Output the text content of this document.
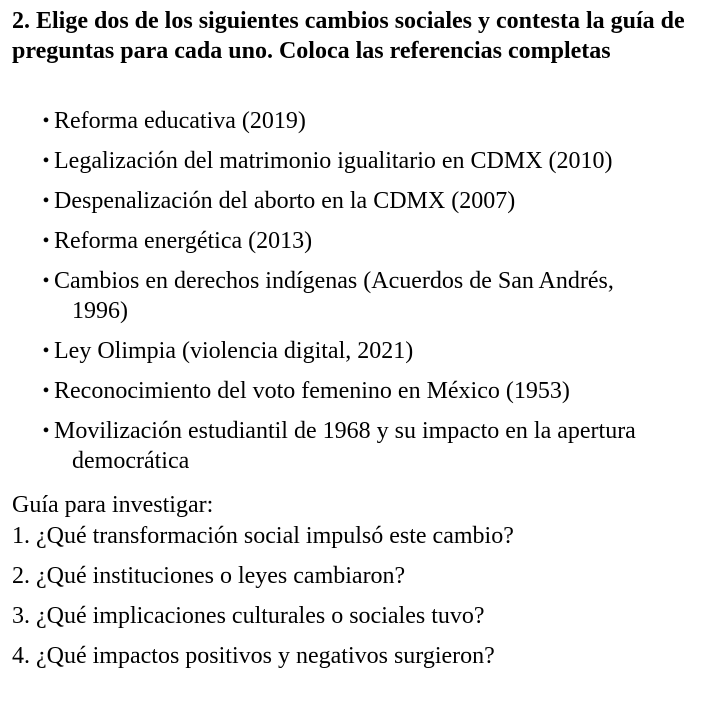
2. Elige dos de los siguientes cambios sociales y contesta la guía de preguntas para cada uno. Coloca las referencias completas

• Reforma educativa (2019)
• Legalización del matrimonio igualitario en CDMX (2010)
• Despenalización del aborto en la CDMX (2007)
• Reforma energética (2013)
• Cambios en derechos indígenas (Acuerdos de San Andrés,
1996)
• Ley Olimpia (violencia digital, 2021)
• Reconocimiento del voto femenino en México (1953)
• Movilización estudiantil de 1968 y su impacto en la apertura
democrática

Guía para investigar:

1. ¿Qué transformación social impulsó este cambio?
2. ¿Qué instituciones o leyes cambiaron?
3. ¿Qué implicaciones culturales o sociales tuvo?
4. ¿Qué impactos positivos y negativos surgieron?
